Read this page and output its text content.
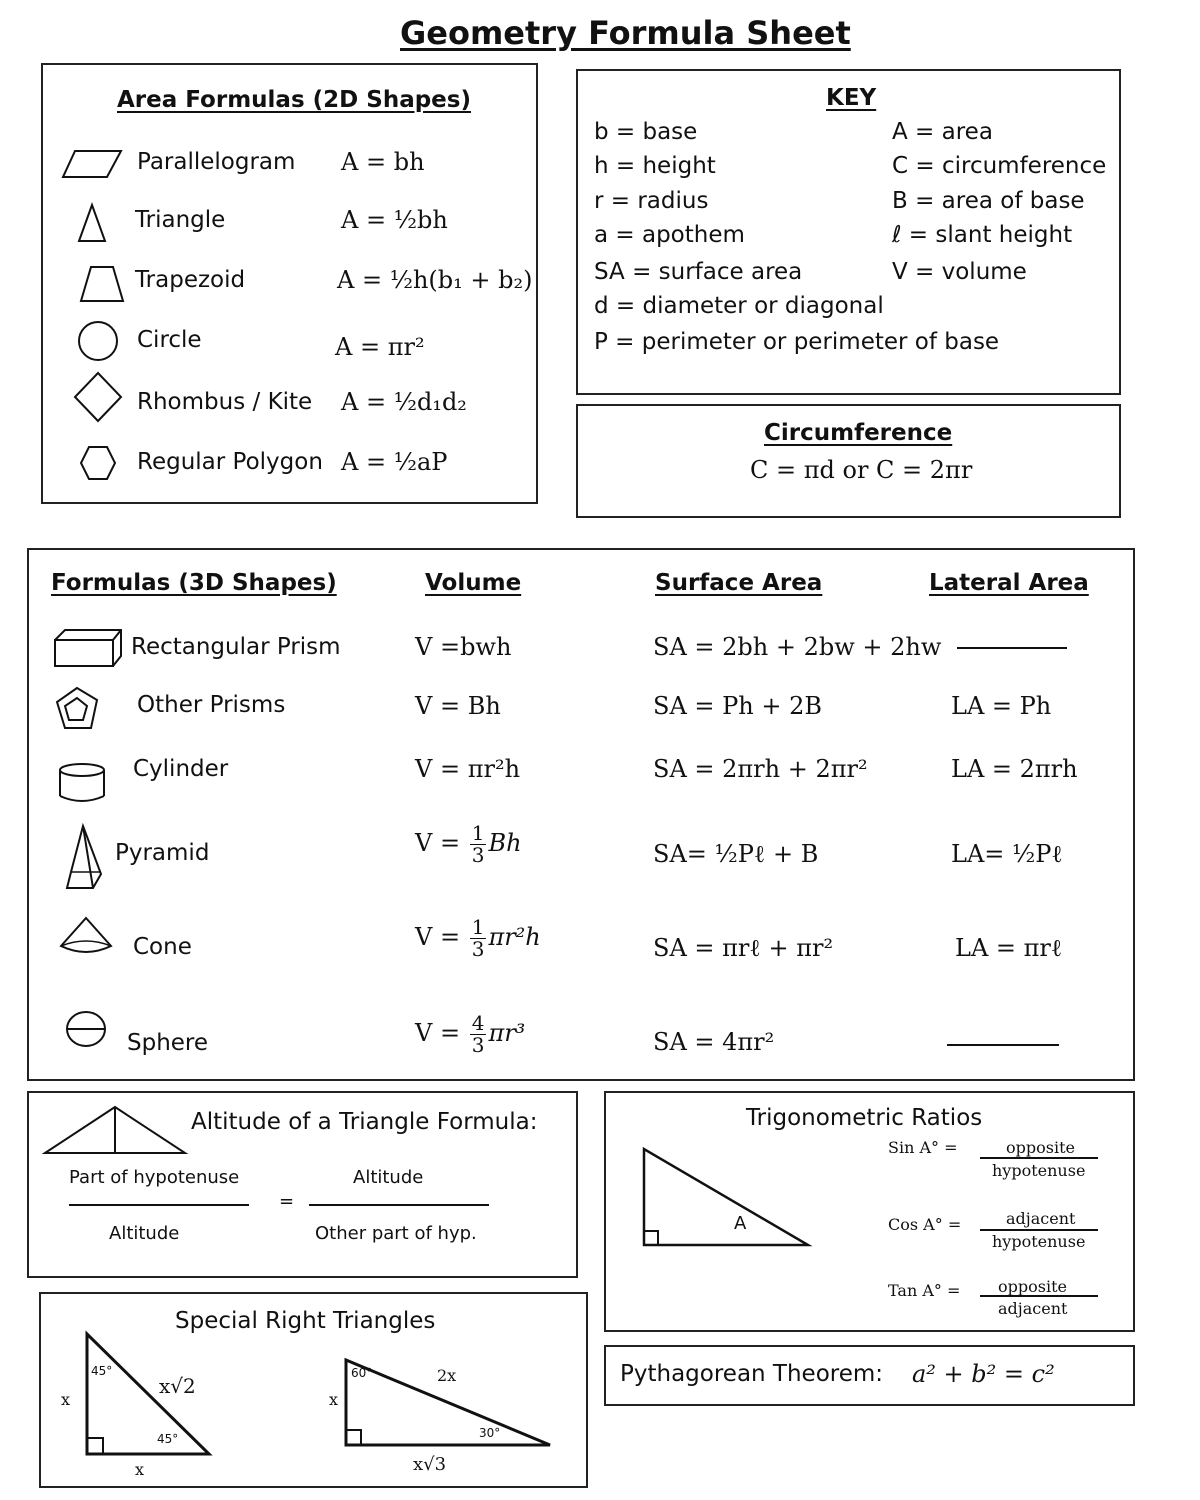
Geometry Formula Sheet
Area Formulas (2D Shapes)
Parallelogram A = bh
Triangle	A = ½bh
Trapezoid	A = ½h(b₁ + b₂)
Circle	A = πr²
Rhombus / Kite A = ½d₁d₂
Regular Polygon A = ½aP
KEY
b = base
h = height
r = radius
a = apothem
SA = surface area
d = diameter or diagonal
P = perimeter or perimeter of base
A = area
C = circumference
B = area of base
ℓ = slant height
V = volume
Circumference
C = πd or C = 2πr
Formulas (3D Shapes)	Volume	Surface Area	Lateral Area
Rectangular Prism	V =bwh	SA = 2bh + 2bw + 2hw
Other Prisms	V = Bh	SA = Ph + 2B	LA = Ph
Cylinder	V = πr²h	SA = 2πrh + 2πr²	LA = 2πrh
Pyramid	$V = \frac{1}{3}$ Bh	SA= ½Pℓ + B	LA= ½Pℓ
Cone	$V = \frac{1}{3} \pi r^2h$	SA = πrℓ + πr²	LA = πrℓ
Sphere	$V = \frac{4}{3} \pi r^3$	SA = 4πr²
Altitude of a Triangle Formula:
Part of hypotenuse
Altitude
=
Altitude
Other part of hyp.
Trigonometric Ratios
A
Sin A° =	opposite
hypotenuse
Cos A° =	adjacent
hypotenuse
Tan A° = opposite
adjacent
Special Right Triangles
45°
45°
x√2
x
x
60°
30°
2x
x
x√3
Pythagorean Theorem: a² + b² = c²
